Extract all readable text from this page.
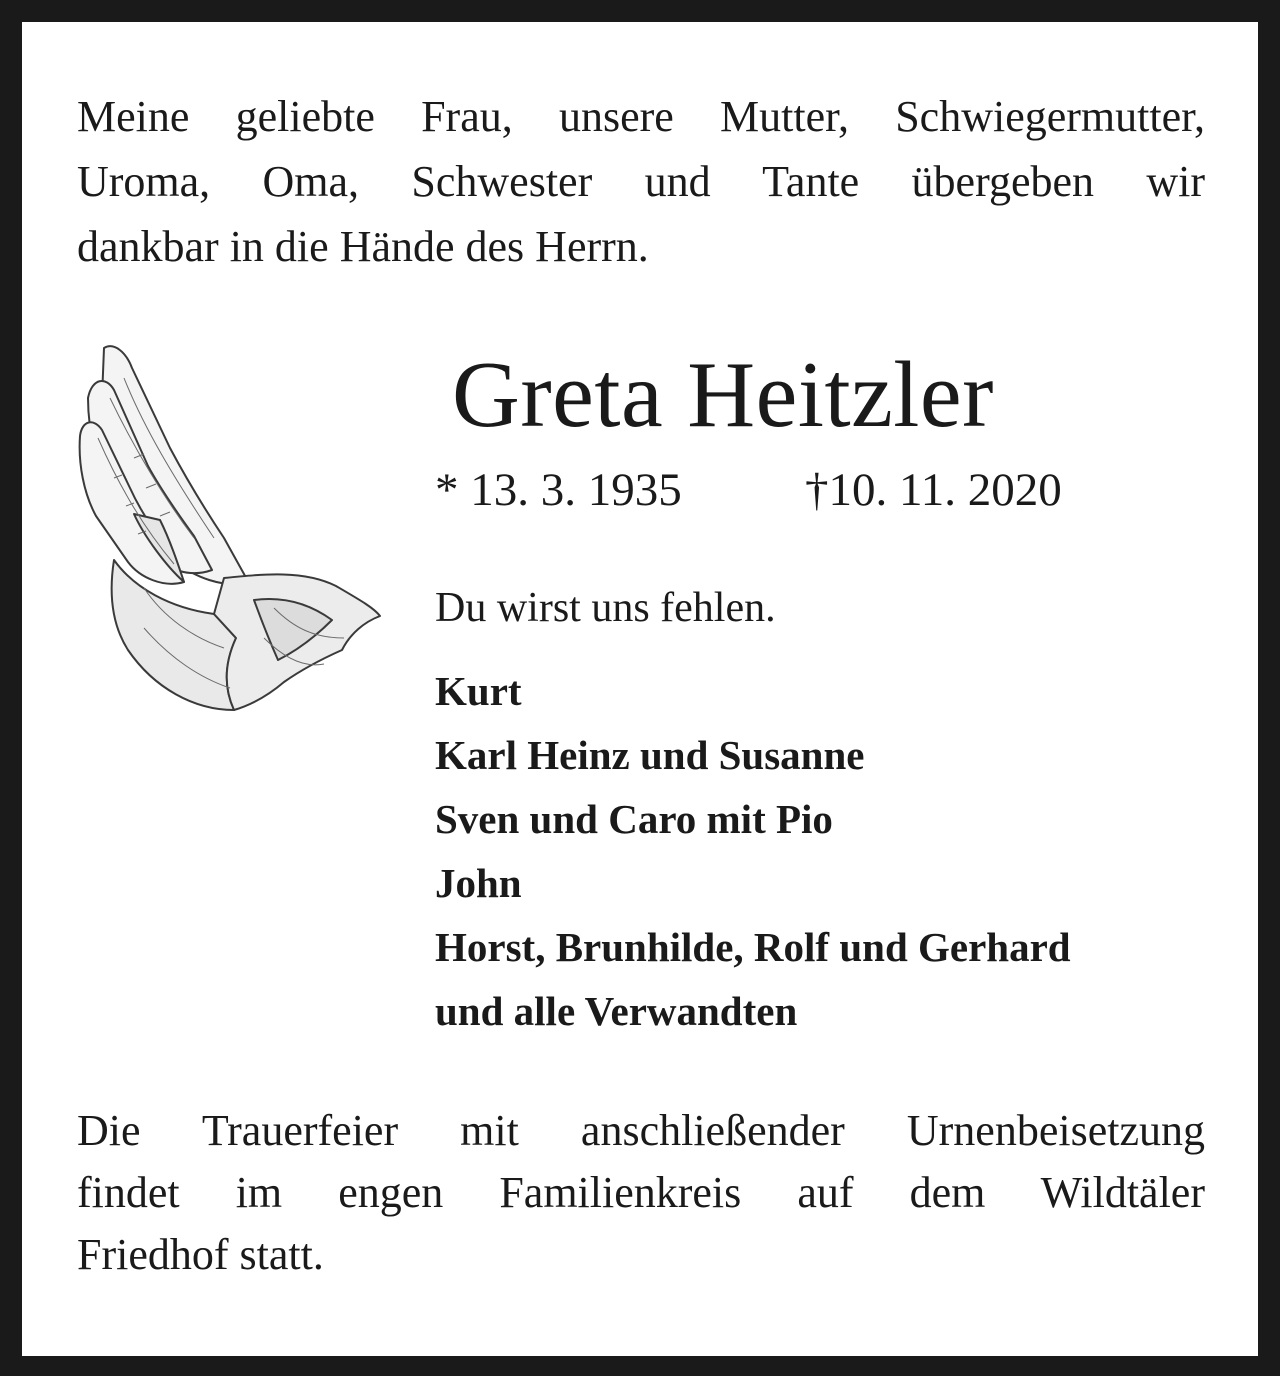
Meine geliebte Frau, unsere Mutter, Schwiegermutter,
Uroma, Oma, Schwester und Tante übergeben wir
dankbar in die Hände des Herrn.

Greta Heitzler
* 13. 3. 1935	†10. 11. 2020

Du wirst uns fehlen.

Kurt
Karl Heinz und Susanne
Sven und Caro mit Pio
John
Horst, Brunhilde, Rolf und Gerhard
und alle Verwandten

Die Trauerfeier mit anschließender Urnenbeisetzung
findet im engen Familienkreis auf dem Wildtäler
Friedhof statt.
